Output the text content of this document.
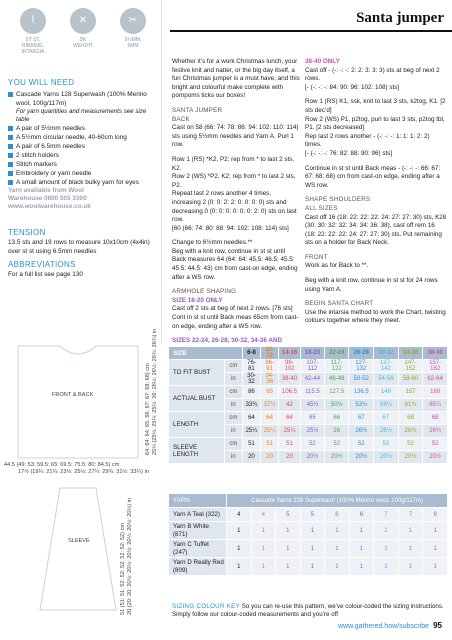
Santa jumper
⌇
ST ST,
RIBBING,
INTARSIA
✕
DK
WEIGHT
✂
5½MM,
6MM
YOU WILL NEED
Cascade Yarns 128 Superwash (100% Merino wool, 100g/117m)
For yarn quantities and measurements see size table
A pair of 5½mm needles
A 5½mm circular needle, 40-60cm long
A pair of 6.5mm needles
2 stitch holders
Stitch markers
Embroidery or yarn needle
A small amount of black bulky yarn for eyes
Yarn available from Wool
Warehouse 0800 505 3300
www.woolwarehouse.co.uk
TENSION

13.5 sts and 19 rows to measure 10x10cm (4x4in) over st st using 6.5mm needles

ABBREVIATIONS

For a full list see page 130

FRONT & BACK
SLEEVE
64: 64: 64: 65: 66: 67: 67: 68: 68) cm 25¼ (25¼: 25¼: 25½: 26: 26½: 26½: 26¾: 26¾) in
44.5 (49: 53: 59.5: 65: 69.5: 75.5: 80: 84.5) cm
17½ (19¼: 21¼: 23½: 25½: 27¼: 29¾: 31½: 33¼) in
51 (51: 51: 52: 52: 52: 52: 52: 52) cm 20 (20: 20: 20½: 20½: 20½: 20½: 20½: 20½) in

Whether it’s for a work Christmas lunch, your festive knit and natter, or the big day itself, a fun Christmas jumper is a must have, and this bright and colourful make complete with pompoms ticks our boxes!

SANTA JUMPER
BACK

Cast on 58 (66: 74: 78: 86: 94: 102: 110: 114) sts using 5½mm needles and Yarn A. Purl 1 row.

Row 1 (RS) *K2, P2; rep from * to last 2 sts, K2.

Row 2 (WS) *P2, K2; rep from * to last 2 sts, P2.

Repeat last 2 rows another 4 times, increasing 2 (0: 0: 2: 2: 0: 0: 0: 0) sts and decreasing 0 (0: 0: 0: 0: 0: 0: 2: 0) sts on last row.

[60 (66: 74: 80: 88: 94: 102: 108: 114) sts]

Change to 6½mm needles.**

Beg with a knit row, continue in st st until Back measures 64 (64: 64: 45.5: 46.5: 45.5: 45.5: 44.5: 43) cm from cast-on edge, ending after a WS row.

ARMHOLE SHAPING
SIZE 18-20 ONLY

Cast off 2 sts at beg of next 2 rows. [76 sts]

Cont in st st until Back meas 65cm from cast-on edge, ending after a WS row.

SIZES 22-24, 26-28, 30-32, 34-36 AND
38-40 ONLY

Cast off - (-: -: -: 2: 2: 3: 3: 3) sts at beg of next 2 rows.

[- (-: -: -: 84: 90: 96: 102: 108) sts]

Row 1 (RS) K1, ssk, knit to last 3 sts, k2tog, K1. [2 sts dec’d]

Row 2 (WS) P1, p2tog, purl to last 3 sts, p2tog tbl, P1. [2 sts decreased]

Rep last 2 rows another - (-: -: -: 1: 1: 1: 2: 2) times.

[- (-: -: -: 76: 82: 88: 90: 96) sts]

Continue in st st until Back meas - (-: -: -: 66: 67: 67: 68: 68) cm from cast-on edge, ending after a WS row.

SHAPE SHOULDERS
ALL SIZES

Cast off 16 (18: 22: 22: 22: 24: 27: 27: 30) sts, K28 (30: 30: 32: 32: 34: 34: 36: 38), cast off rem 16 (18: 22: 22: 22: 24: 27: 27: 30) sts. Put remaining sts on a holder for Back Neck.

FRONT

Work as for Back to **.

Beg with a knit row, continue in st st for 24 rows using Yarn A.

BEGIN SANTA CHART

Use the intarsia method to work the Chart, twisting colours together where they meet.

SIZE		6-8	10-12	14-16	18-20	22-24	26-28	30-32	34-36	38-40
TO FIT BUST	cm	76-81	86-91	96-102	107-112	117-122	127-132	137-142	147-152	157-162
	in	30-32	34-36	38-40	42-44	46-48	50-52	54-56	58-60	62-64
ACTUAL BUST	cm	86	95	106.5	115.5	127.5	136.5	148	157	166
	in	33¾	37½	42	45½	50½	53¾	58¼	61¾	65¼
LENGTH	cm	64	64	64	65	66	67	67	68	68
	in	25¼	25¼	25¼	25½	26	26½	26½	26¾	26¾
SLEEVE LENGTH	cm	51	51	51	52	52	52	52	52	52
	in	20	20	20	20½	20½	20½	20½	20½	20½
YARN	Cascade Yarns 128 Superwash (100% Merino wool, 100g/117m)								
Yarn A Teal (322)	4	4	5	5	6	6	7	7	8
Yarn B White (871)	1	1	1	1	1	1	1	1	1
Yarn C Tuffet (247)	1	1	1	1	1	1	1	1	1
Yarn D Really Red (809)	1	1	1	1	1	1	1	1	1
SIZING COLOUR KEY So you can re-use this pattern, we’ve colour-coded the sizing instructions. Simply follow our colour-coded measurements and you’re off
www.gathered.how/subscribe 95
